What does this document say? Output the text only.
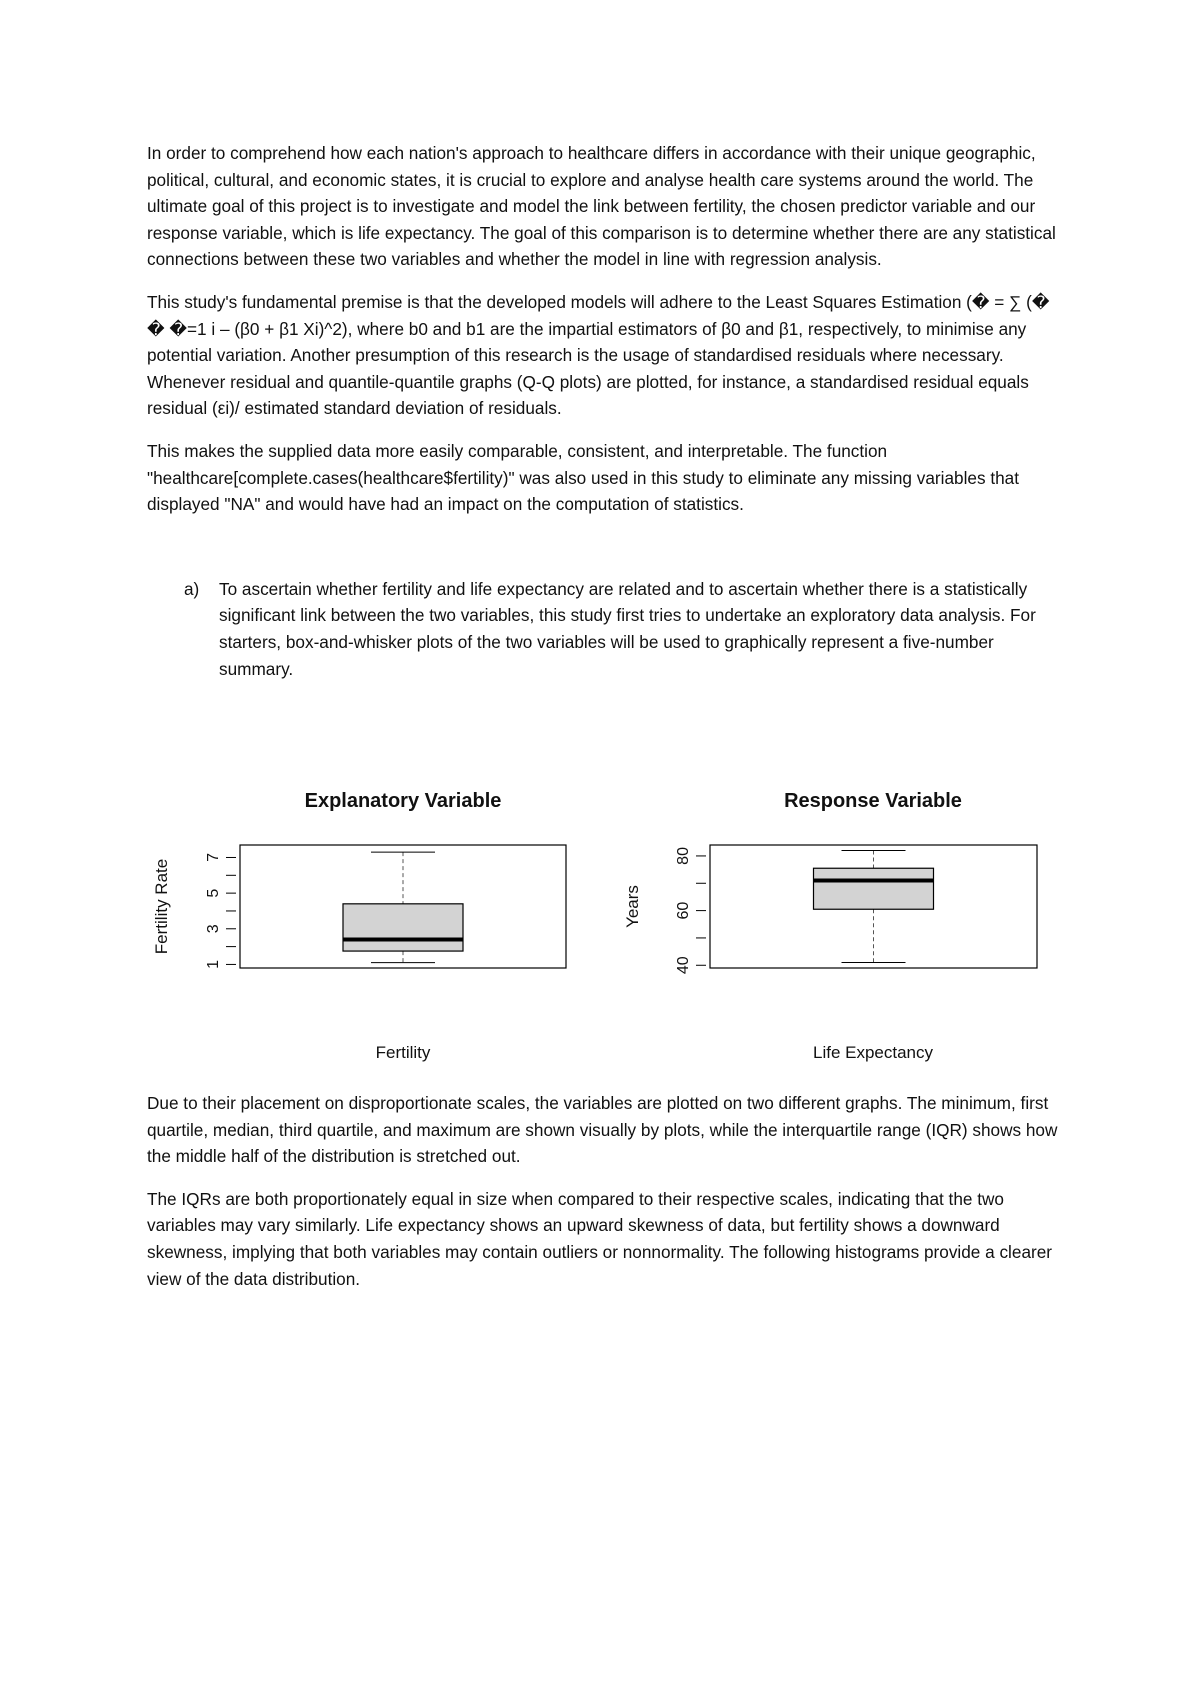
In order to comprehend how each nation's approach to healthcare differs in accordance with their unique geographic, political, cultural, and economic states, it is crucial to explore and analyse health care systems around the world. The ultimate goal of this project is to investigate and model the link between fertility, the chosen predictor variable and our response variable, which is life expectancy. The goal of this comparison is to determine whether there are any statistical connections between these two variables and whether the model in line with regression analysis.

This study's fundamental premise is that the developed models will adhere to the Least Squares Estimation (� = ∑ (� � �=1 i – (β0 + β1 Xi)^2), where b0 and b1 are the impartial estimators of β0 and β1, respectively, to minimise any potential variation. Another presumption of this research is the usage of standardised residuals where necessary. Whenever residual and quantile-quantile graphs (Q-Q plots) are plotted, for instance, a standardised residual equals residual (εi)/ estimated standard deviation of residuals.

This makes the supplied data more easily comparable, consistent, and interpretable. The function "healthcare[complete.cases(healthcare$fertility)" was also used in this study to eliminate any missing variables that displayed "NA" and would have had an impact on the computation of statistics.

a) To ascertain whether fertility and life expectancy are related and to ascertain whether there is a statistically significant link between the two variables, this study first tries to undertake an exploratory data analysis. For starters, box-and-whisker plots of the two variables will be used to graphically represent a five-number summary.
Explanatory Variable
Fertility
Fertility Rate
1
3
5
7
Response Variable
Life Expectancy
Years
40
60
80

Due to their placement on disproportionate scales, the variables are plotted on two different graphs. The minimum, first quartile, median, third quartile, and maximum are shown visually by plots, while the interquartile range (IQR) shows how the middle half of the distribution is stretched out.

The IQRs are both proportionately equal in size when compared to their respective scales, indicating that the two variables may vary similarly. Life expectancy shows an upward skewness of data, but fertility shows a downward skewness, implying that both variables may contain outliers or nonnormality. The following histograms provide a clearer view of the data distribution.
